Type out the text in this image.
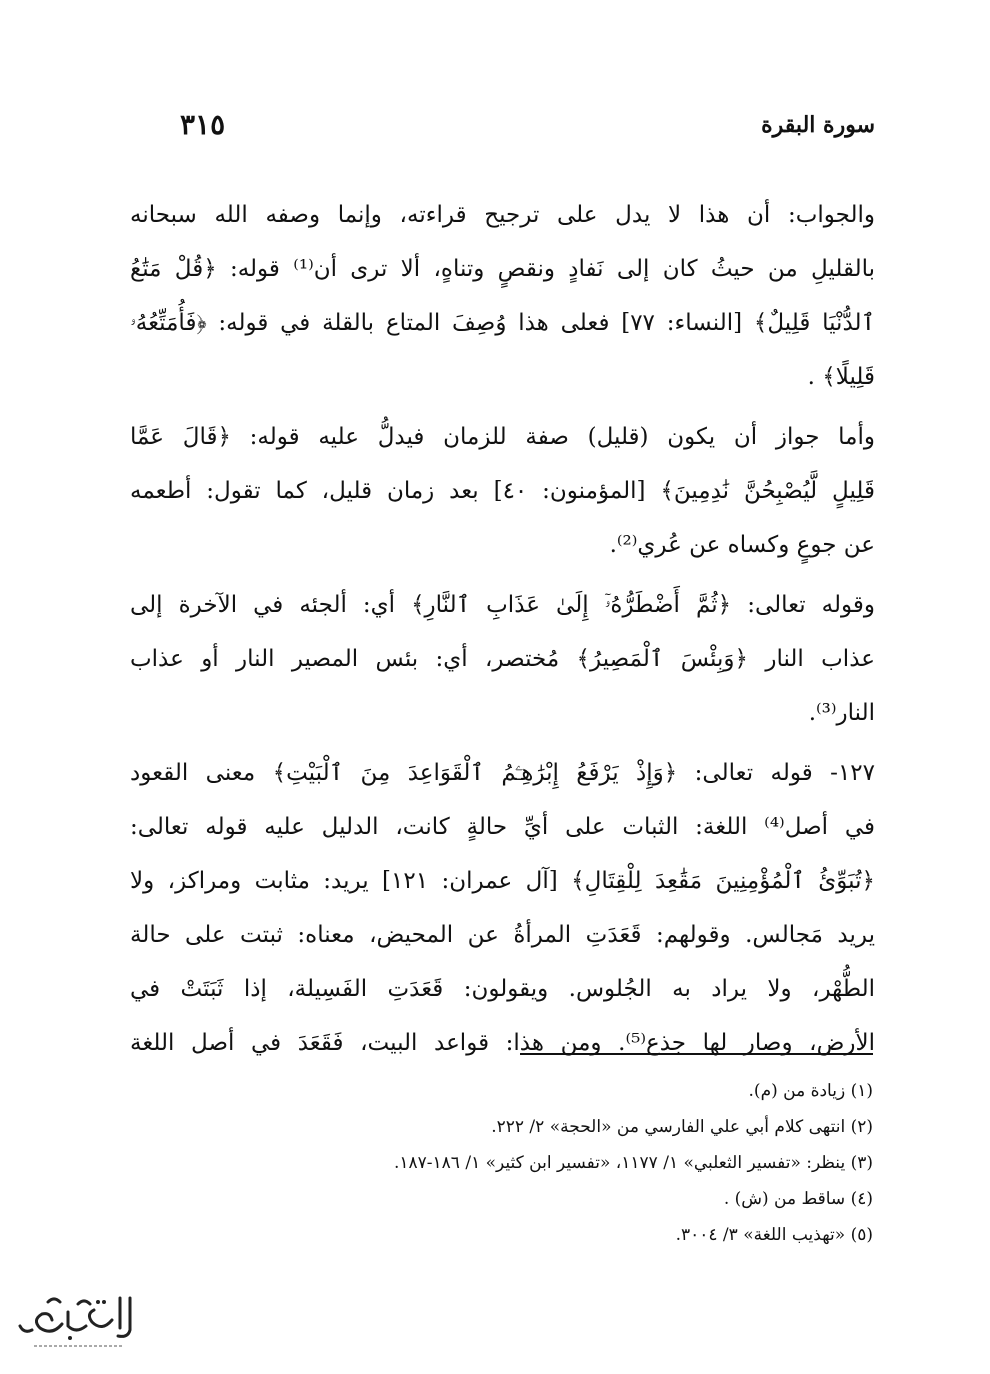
سورة البقرة
٣١٥
والجواب: أن هذا لا يدل على ترجيح قراءته، وإنما وصفه الله سبحانه
بالقليلِ من حيثُ كان إلى نَفادٍ ونقصٍ وتناهٍ، ألا ترى أن⁽¹⁾ قوله: ﴿قُلْ مَتَٰعُ
ٱلدُّنْيَا قَلِيلٌ﴾ [النساء: ٧٧] فعلى هذا وُصِفَ المتاع بالقلة في قوله: ﴿فَأُمَتِّعُهُۥ
قَلِيلًا﴾ .
وأما جواز أن يكون (قليل) صفة للزمان فيدلُّ عليه قوله: ﴿قَالَ عَمَّا
قَلِيلٍ لَّيُصْبِحُنَّ نَٰدِمِينَ﴾ [المؤمنون: ٤٠] بعد زمان قليل، كما تقول: أطعمه
عن جوعٍ وكساه عن عُري⁽²⁾.
وقوله تعالى: ﴿ثُمَّ أَضْطَرُّهُۥٓ إِلَىٰ عَذَابِ ٱلنَّارِ﴾ أي: ألجئه في الآخرة إلى
عذاب النار ﴿وَبِئْسَ ٱلْمَصِيرُ﴾ مُختصر، أي: بئس المصير النار أو عذاب
النار⁽³⁾.
١٢٧- قوله تعالى: ﴿وَإِذْ يَرْفَعُ إِبْرَٰهِـۧمُ ٱلْقَوَاعِدَ مِنَ ٱلْبَيْتِ﴾ معنى القعود
في أصل⁽⁴⁾ اللغة: الثبات على أيِّ حالةٍ كانت، الدليل عليه قوله تعالى:
﴿تُبَوِّئُ ٱلْمُؤْمِنِينَ مَقَٰعِدَ لِلْقِتَالِ﴾ [آل عمران: ١٢١] يريد: مثابت ومراكز، ولا
يريد مَجالس. وقولهم: قَعَدَتِ المرأةُ عن المحيض، معناه: ثبتت على حالة
الطُّهْر، ولا يراد به الجُلوس. ويقولون: قَعَدَتِ الفَسِيلة، إذا ثَبَتَتْ في
الأرض، وصار لها جذع⁽⁵⁾. ومن هذا: قواعد البيت، فَقَعَدَ في أصل اللغة
(١) زيادة من (م).
(٢) انتهى كلام أبي علي الفارسي من «الحجة» ٢/ ٢٢٢.
(٣) ينظر: «تفسير الثعلبي» ١/ ١١٧٧، «تفسير ابن كثير» ١/ ١٨٦-١٨٧.
(٤) ساقط من (ش) .
(٥) «تهذيب اللغة» ٣/ ٣٠٠٤.
